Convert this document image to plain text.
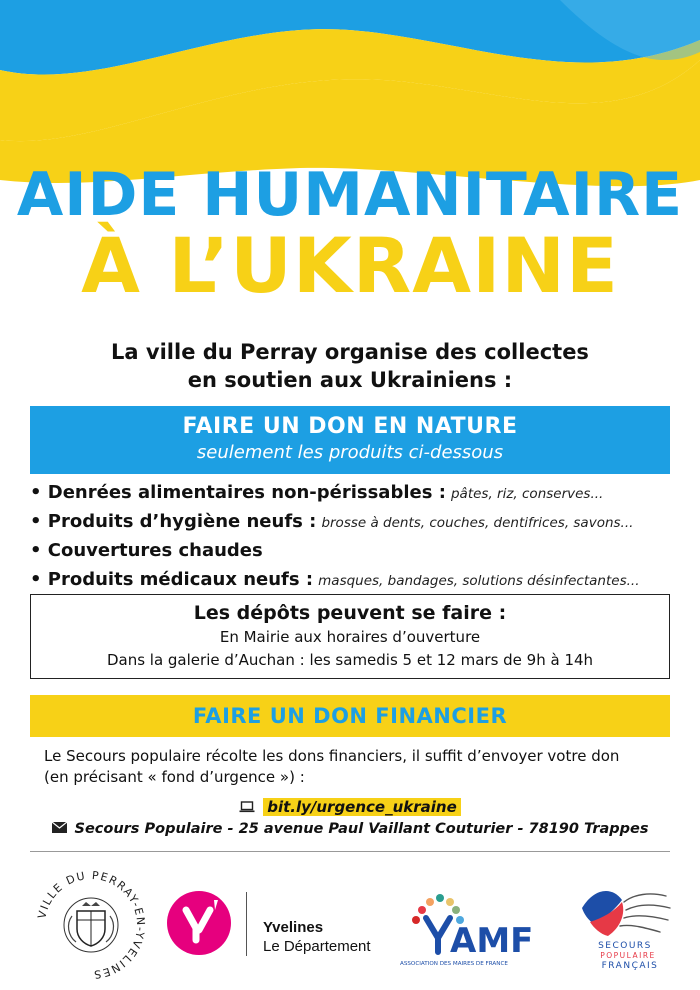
AIDE HUMANITAIRE
À L’UKRAINE
La ville du Perray organise des collectes
en soutien aux Ukrainiens :
FAIRE UN DON EN NATURE
seulement les produits ci-dessous
• Denrées alimentaires non-périssables : pâtes, riz, conserves...
• Produits d’hygiène neufs : brosse à dents, couches, dentifrices, savons...
• Couvertures chaudes
• Produits médicaux neufs : masques, bandages, solutions désinfectantes...
Les dépôts peuvent se faire :
En Mairie aux horaires d’ouverture
Dans la galerie d’Auchan : les samedis 5 et 12 mars de 9h à 14h
FAIRE UN DON FINANCIER
Le Secours populaire récolte les dons financiers, il suffit d’envoyer votre don
(en précisant « fond d’urgence ») :
bit.ly/urgence_ukraine
Secours Populaire - 25 avenue Paul Vaillant Couturier - 78190 Trappes
VILLE DU PERRAY-EN-YVELINES
Yvelines
Le Département AMF
ASSOCIATION DES MAIRES DE FRANCE
SECOURS
POPULAIRE
FRANÇAIS
